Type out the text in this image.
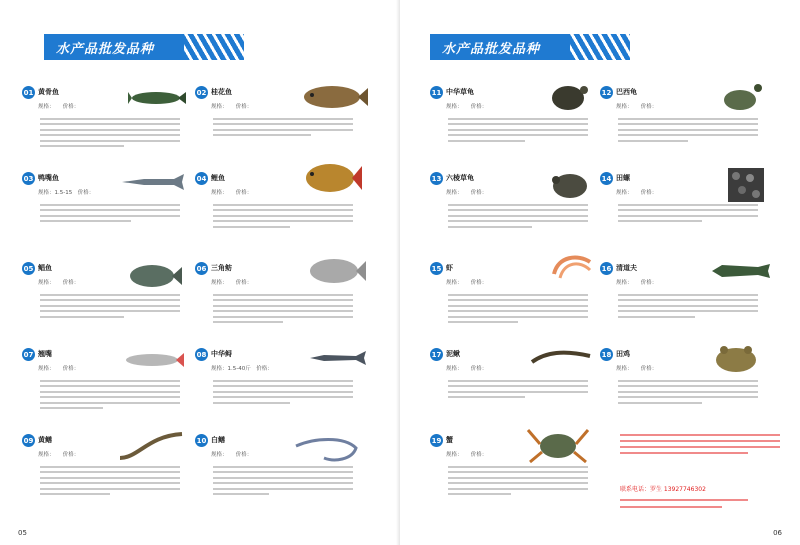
水产品批发品种
01 黄骨鱼
规格：　　价格：
02 桂花鱼
规格：　　价格：
03 鸭嘴鱼
规格：1.5-15　价格：
04 鲤鱼
规格：　　价格：
05 鲳鱼
规格：　　价格：
06 三角鲂
规格：　　价格：
07 翘嘴
规格：　　价格：
08 中华鲟
规格：1.5-40斤　价格：
09 黄鳝
规格：　　价格：
10 白鳝
规格：　　价格：
05
水产品批发品种
11 中华草龟
规格：　　价格：
12 巴西龟
规格：　　价格：
13 六棱草龟
规格：　　价格：
14 田螺
规格：　　价格：
15 虾
规格：　　价格：
16 清道夫
规格：　　价格：
17 泥鳅
规格：　　价格：
18 田鸡
规格：　　价格：
19 蟹
规格：　　价格：
联系电话：罗生 13927746302
06
